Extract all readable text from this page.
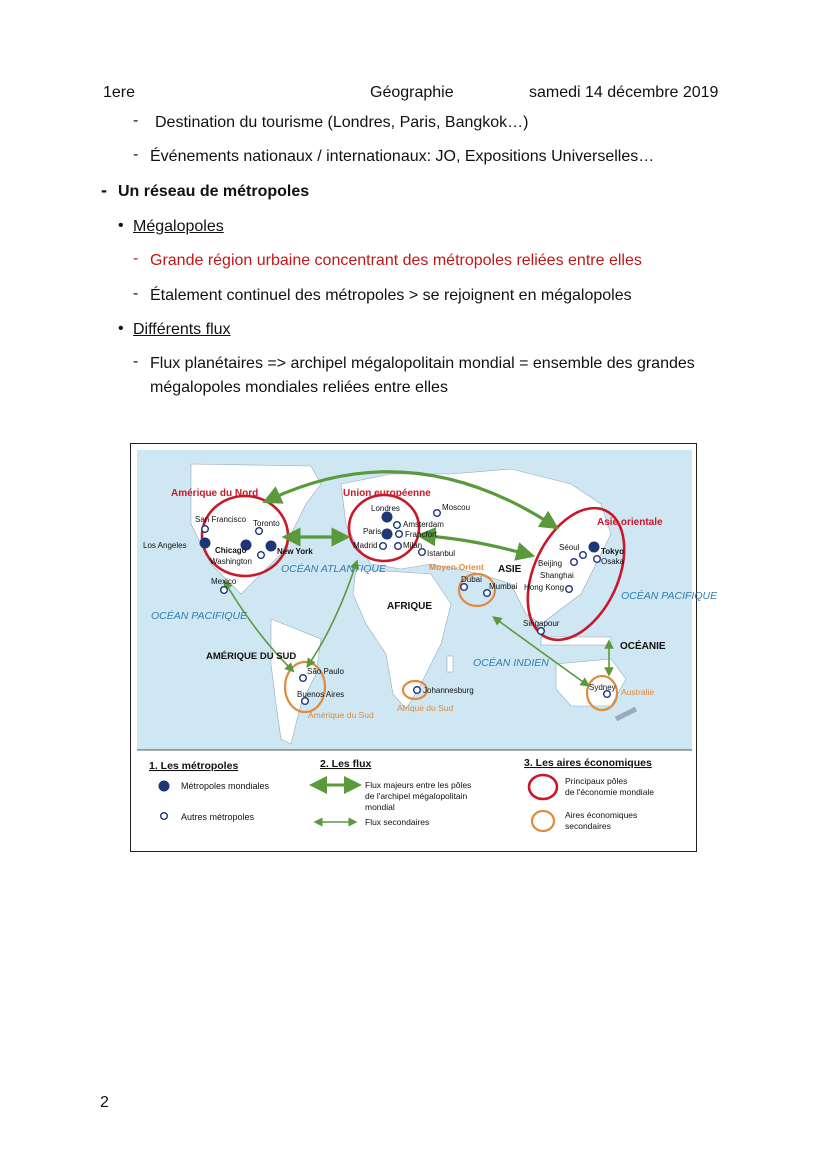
1ere	Géographie	samedi 14 décembre 2019
- Destination du tourisme (Londres, Paris, Bangkok…)
- Événements nationaux / internationaux: JO, Expositions Universelles…
- Un réseau de métropoles
• Mégalopoles
- Grande région urbaine concentrant des métropoles reliées entre elles
- Étalement continuel des métropoles > se rejoignent en mégalopoles
• Différents flux
- Flux planétaires => archipel mégalopolitain mondial = ensemble des grandes
mégalopoles mondiales reliées entre elles
Amérique du Nord	Union européenne
Asie orientale
Moyen-Orient
Amérique du Sud
Afrique du Sud
Australie
OCÉAN ATLANTIQUE
OCÉAN PACIFIQUE
OCÉAN PACIFIQUE
OCÉAN INDIEN
AFRIQUE
ASIE
AMÉRIQUE DU SUD
OCÉANIE
San Francisco Toronto
Los Angeles
Chicago	New York
Washington
Mexico
Londres	Moscou
Amsterdam
Paris	Francfort
Madrid	Milan
Istanbul
Dubai
Mumbai
Séoul	Tokyo
Beijing	Osaka
Shanghai
Hong Kong
Singapour
São Paulo
Buenos Aires	Johannesburg	Sydney
1. Les métropoles
Métropoles mondiales
Autres métropoles
2. Les flux
Flux majeurs entre les pôles
de l'archipel mégalopolitain
mondial
Flux secondaires
3. Les aires économiques
Principaux pôles
de l'économie mondiale
Aires économiques
secondaires
2
